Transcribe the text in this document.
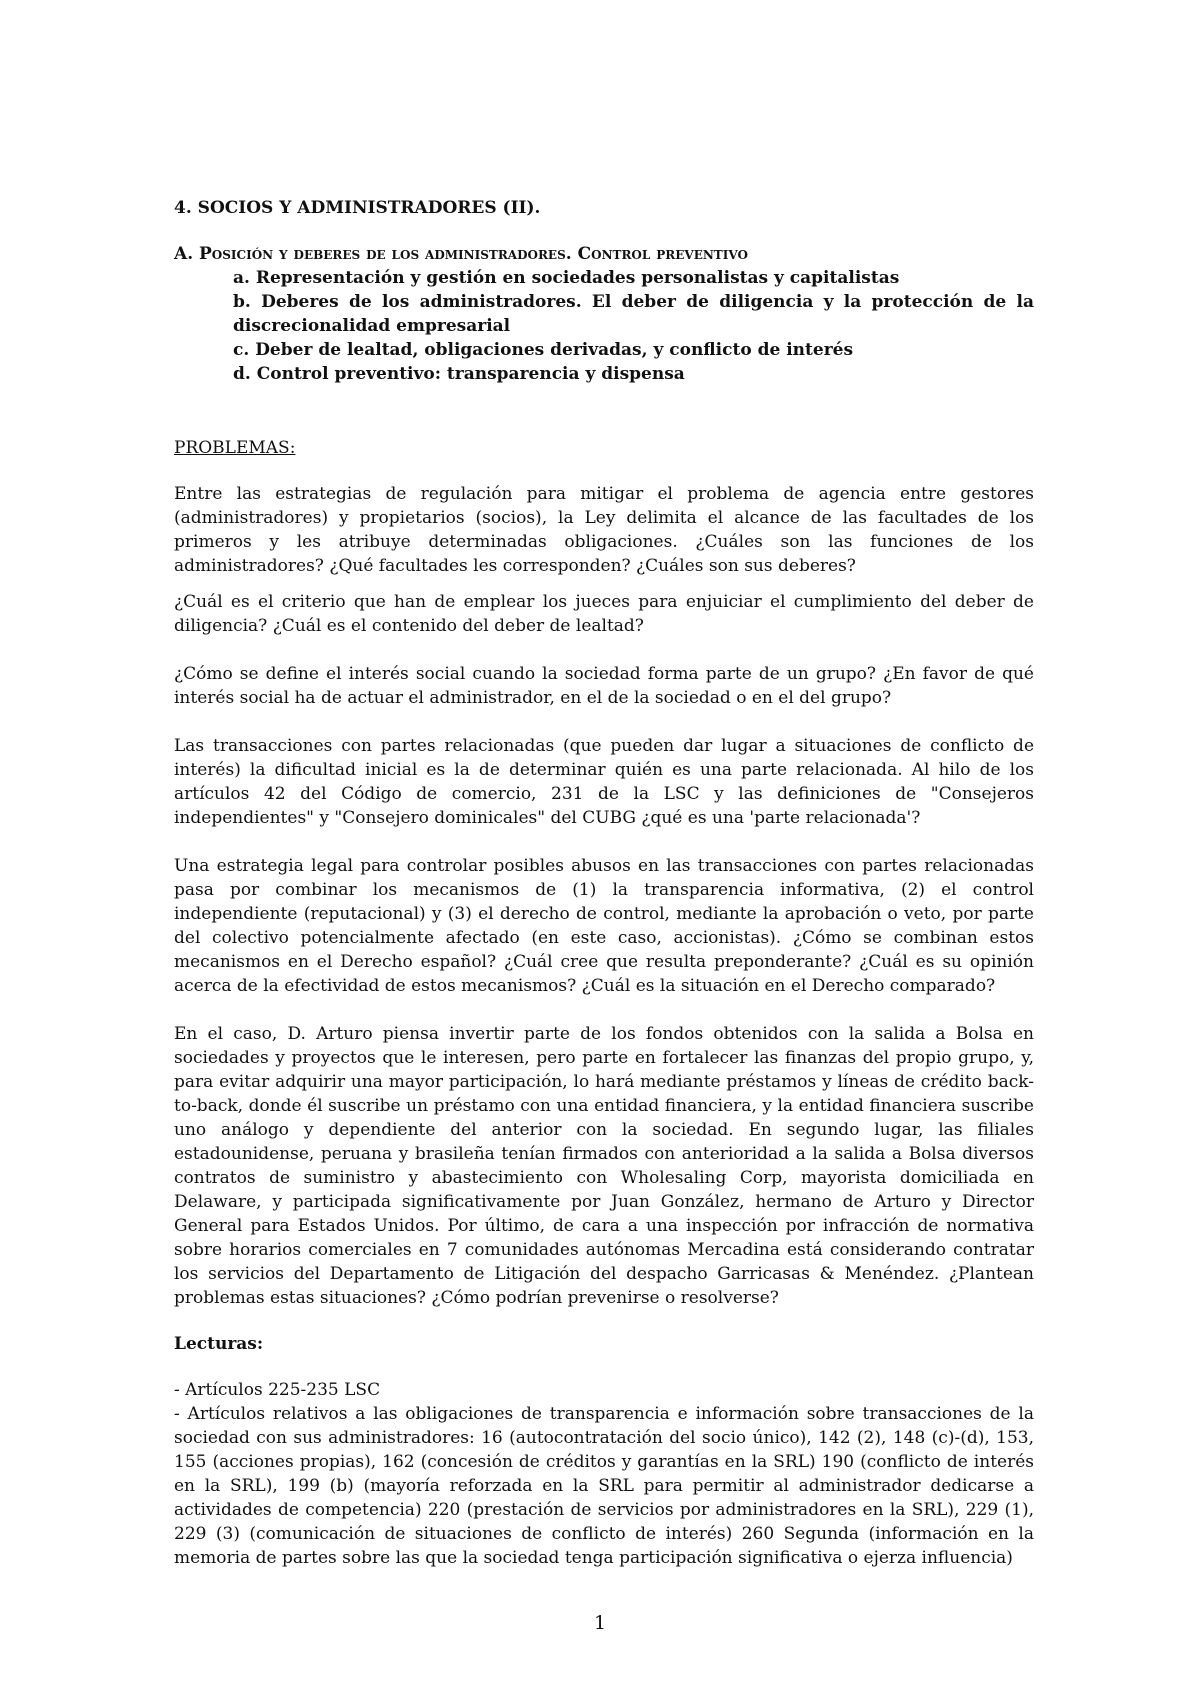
4. SOCIOS Y ADMINISTRADORES (II).

A. Posición y deberes de los administradores. Control preventivo

a. Representación y gestión en sociedades personalistas y capitalistas
b. Deberes de los administradores. El deber de diligencia y la protección de la discrecionalidad empresarial
c. Deber de lealtad, obligaciones derivadas, y conflicto de interés
d. Control preventivo: transparencia y dispensa

PROBLEMAS:

Entre las estrategias de regulación para mitigar el problema de agencia entre gestores (administradores) y propietarios (socios), la Ley delimita el alcance de las facultades de los primeros y les atribuye determinadas obligaciones. ¿Cuáles son las funciones de los administradores? ¿Qué facultades les corresponden? ¿Cuáles son sus deberes?

¿Cuál es el criterio que han de emplear los jueces para enjuiciar el cumplimiento del deber de diligencia? ¿Cuál es el contenido del deber de lealtad?

¿Cómo se define el interés social cuando la sociedad forma parte de un grupo? ¿En favor de qué interés social ha de actuar el administrador, en el de la sociedad o en el del grupo?

Las transacciones con partes relacionadas (que pueden dar lugar a situaciones de conflicto de interés) la dificultad inicial es la de determinar quién es una parte relacionada. Al hilo de los artículos 42 del Código de comercio, 231 de la LSC y las definiciones de "Consejeros independientes" y "Consejero dominicales" del CUBG ¿qué es una 'parte relacionada'?

Una estrategia legal para controlar posibles abusos en las transacciones con partes relacionadas pasa por combinar los mecanismos de (1) la transparencia informativa, (2) el control independiente (reputacional) y (3) el derecho de control, mediante la aprobación o veto, por parte del colectivo potencialmente afectado (en este caso, accionistas). ¿Cómo se combinan estos mecanismos en el Derecho español? ¿Cuál cree que resulta preponderante? ¿Cuál es su opinión acerca de la efectividad de estos mecanismos? ¿Cuál es la situación en el Derecho comparado?

En el caso, D. Arturo piensa invertir parte de los fondos obtenidos con la salida a Bolsa en sociedades y proyectos que le interesen, pero parte en fortalecer las finanzas del propio grupo, y, para evitar adquirir una mayor participación, lo hará mediante préstamos y líneas de crédito back-to-back, donde él suscribe un préstamo con una entidad financiera, y la entidad financiera suscribe uno análogo y dependiente del anterior con la sociedad. En segundo lugar, las filiales estadounidense, peruana y brasileña tenían firmados con anterioridad a la salida a Bolsa diversos contratos de suministro y abastecimiento con Wholesaling Corp, mayorista domiciliada en Delaware, y participada significativamente por Juan González, hermano de Arturo y Director General para Estados Unidos. Por último, de cara a una inspección por infracción de normativa sobre horarios comerciales en 7 comunidades autónomas Mercadina está considerando contratar los servicios del Departamento de Litigación del despacho Garricasas & Menéndez. ¿Plantean problemas estas situaciones? ¿Cómo podrían prevenirse o resolverse?

Lecturas:

- Artículos 225-235 LSC
- Artículos relativos a las obligaciones de transparencia e información sobre transacciones de la sociedad con sus administradores: 16 (autocontratación del socio único), 142 (2), 148 (c)-(d), 153, 155 (acciones propias), 162 (concesión de créditos y garantías en la SRL) 190 (conflicto de interés en la SRL), 199 (b) (mayoría reforzada en la SRL para permitir al administrador dedicarse a actividades de competencia) 220 (prestación de servicios por administradores en la SRL), 229 (1), 229 (3) (comunicación de situaciones de conflicto de interés) 260 Segunda (información en la memoria de partes sobre las que la sociedad tenga participación significativa o ejerza influencia)
1
